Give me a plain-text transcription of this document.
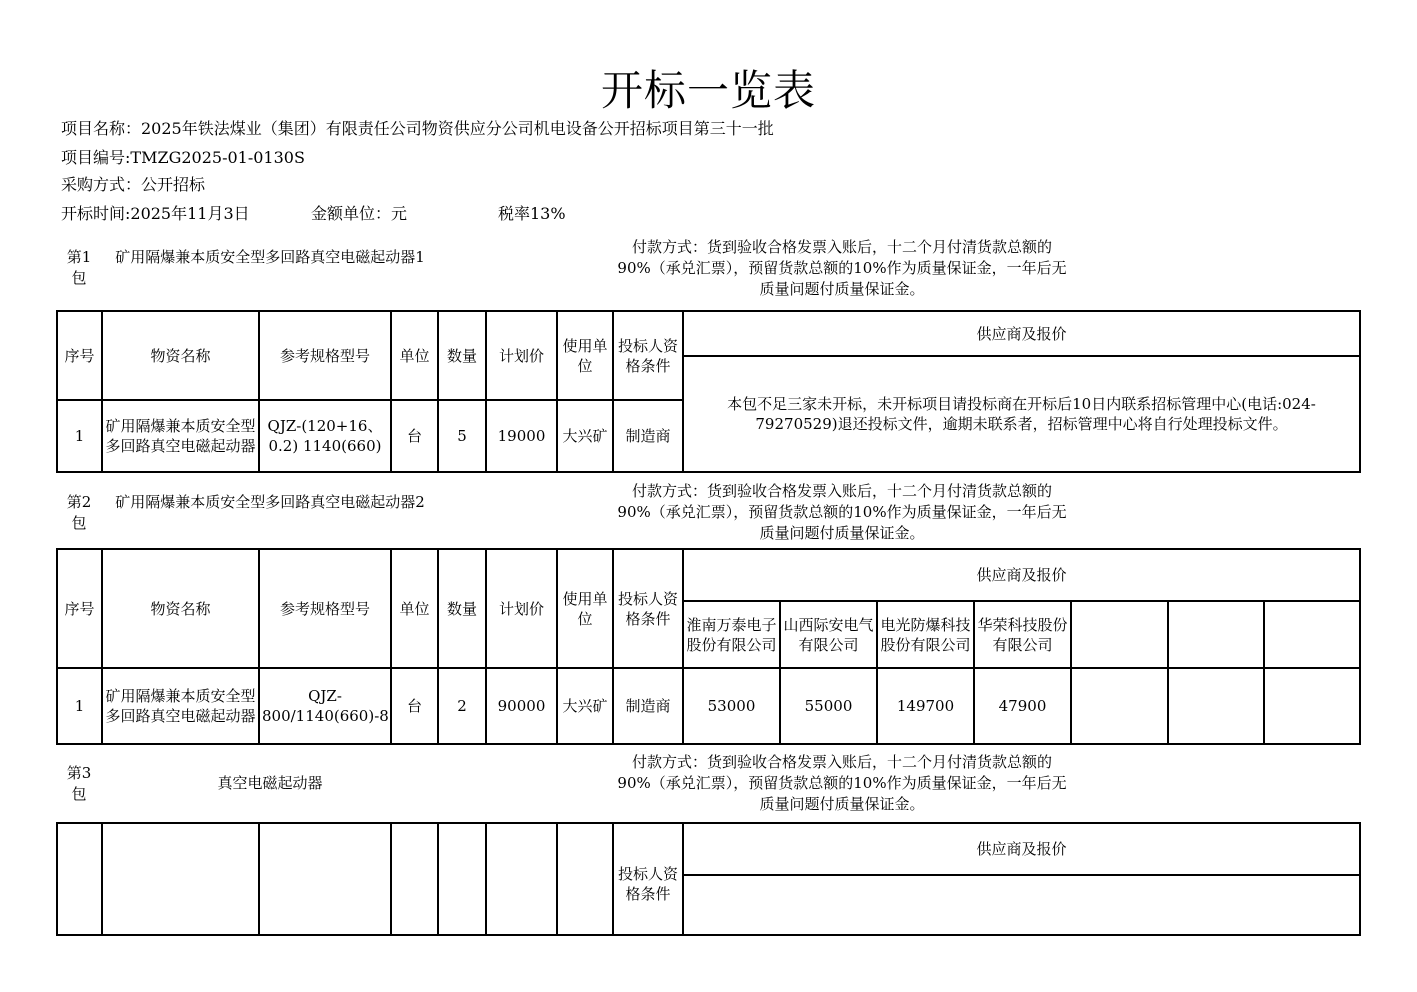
开标一览表
项目名称：2025年铁法煤业（集团）有限责任公司物资供应分公司机电设备公开招标项目第三十一批
项目编号:TMZG2025-01-0130S
采购方式：公开招标
开标时间:2025年11月3日	金额单位：元	税率13%
第1包
矿用隔爆兼本质安全型多回路真空电磁起动器1
付款方式：货到验收合格发票入账后，十二个月付清货款总额的90%（承兑汇票），预留货款总额的10%作为质量保证金，一年后无质量问题付质量保证金。
序号	物资名称	参考规格型号	单位	数量	计划价	使用单位	投标人资格条件	供应商及报价
								本包不足三家未开标，未开标项目请投标商在开标后10日内联系招标管理中心(电话:024-79270529)退还投标文件，逾期未联系者，招标管理中心将自行处理投标文件。
1	矿用隔爆兼本质安全型多回路真空电磁起动器	QJZ-(120+16、0.2) 1140(660)	台	5	19000	大兴矿	制造商	
第2包
矿用隔爆兼本质安全型多回路真空电磁起动器2
付款方式：货到验收合格发票入账后，十二个月付清货款总额的90%（承兑汇票），预留货款总额的10%作为质量保证金，一年后无质量问题付质量保证金。
序号	物资名称	参考规格型号	单位	数量	计划价	使用单位	投标人资格条件	供应商及报价						
								淮南万泰电子股份有限公司	山西际安电气有限公司	电光防爆科技股份有限公司	华荣科技股份有限公司			
1	矿用隔爆兼本质安全型多回路真空电磁起动器	QJZ-800/1140(660)-8	台	2	90000	大兴矿	制造商	53000	55000	149700	47900			
第3包
真空电磁起动器
付款方式：货到验收合格发票入账后，十二个月付清货款总额的90%（承兑汇票），预留货款总额的10%作为质量保证金，一年后无质量问题付质量保证金。
							投标人资格条件	供应商及报价
